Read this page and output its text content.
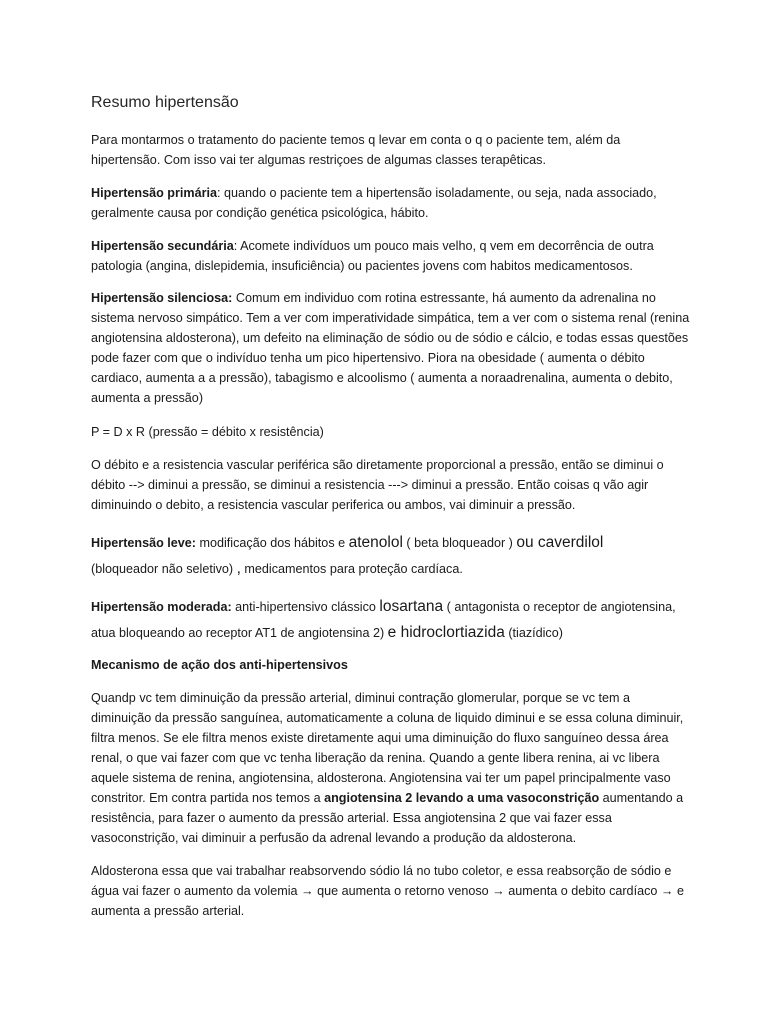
Resumo hipertensão

Para montarmos o tratamento do paciente temos q levar em conta o q o paciente tem, além da hipertensão. Com isso vai ter algumas restriçoes de algumas classes terapêticas.

Hipertensão primária: quando o paciente tem a hipertensão isoladamente, ou seja, nada associado, geralmente causa por condição genética psicológica, hábito.

Hipertensão secundária: Acomete indivíduos um pouco mais velho, q vem em decorrência de outra patologia (angina, dislepidemia, insuficiência) ou pacientes jovens com habitos medicamentosos.

Hipertensão silenciosa: Comum em individuo com rotina estressante, há aumento da adrenalina no sistema nervoso simpático. Tem a ver com imperatividade simpática, tem a ver com o sistema renal (renina angiotensina aldosterona), um defeito na eliminação de sódio ou de sódio e cálcio, e todas essas questões pode fazer com que o indivíduo tenha um pico hipertensivo. Piora na obesidade ( aumenta o débito cardiaco, aumenta a a pressão), tabagismo e alcoolismo ( aumenta a noraadrenalina, aumenta o debito, aumenta a pressão)

P = D x R (pressão = débito x resistência)

O débito e a resistencia vascular periférica são diretamente proporcional a pressão, então se diminui o débito --> diminui a pressão, se diminui a resistencia ---> diminui a pressão. Então coisas q vão agir diminuindo o debito, a resistencia vascular periferica ou ambos, vai diminuir a pressão.

Hipertensão leve: modificação dos hábitos e atenolol ( beta bloqueador ) ou caverdilol
(bloqueador não seletivo) , medicamentos para proteção cardíaca.

Hipertensão moderada: anti-hipertensivo clássico losartana ( antagonista o receptor de angiotensina, atua bloqueando ao receptor AT1 de angiotensina 2) e hidroclortiazida (tiazídico)

Mecanismo de ação dos anti-hipertensivos

Quandp vc tem diminuição da pressão arterial, diminui contração glomerular, porque se vc tem a diminuição da pressão sanguínea, automaticamente a coluna de liquido diminui e se essa coluna diminuir, filtra menos. Se ele filtra menos existe diretamente aqui uma diminuição do fluxo sanguíneo dessa área renal, o que vai fazer com que vc tenha liberação da renina. Quando a gente libera renina, ai vc libera aquele sistema de renina, angiotensina, aldosterona. Angiotensina vai ter um papel principalmente vaso constritor. Em contra partida nos temos a angiotensina 2 levando a uma vasoconstrição aumentando a resistência, para fazer o aumento da pressão arterial. Essa angiotensina 2 que vai fazer essa vasoconstrição, vai diminuir a perfusão da adrenal levando a produção da aldosterona.

Aldosterona essa que vai trabalhar reabsorvendo sódio lá no tubo coletor, e essa reabsorção de sódio e água vai fazer o aumento da volemia → que aumenta o retorno venoso → aumenta o debito cardíaco → e aumenta a pressão arterial.
